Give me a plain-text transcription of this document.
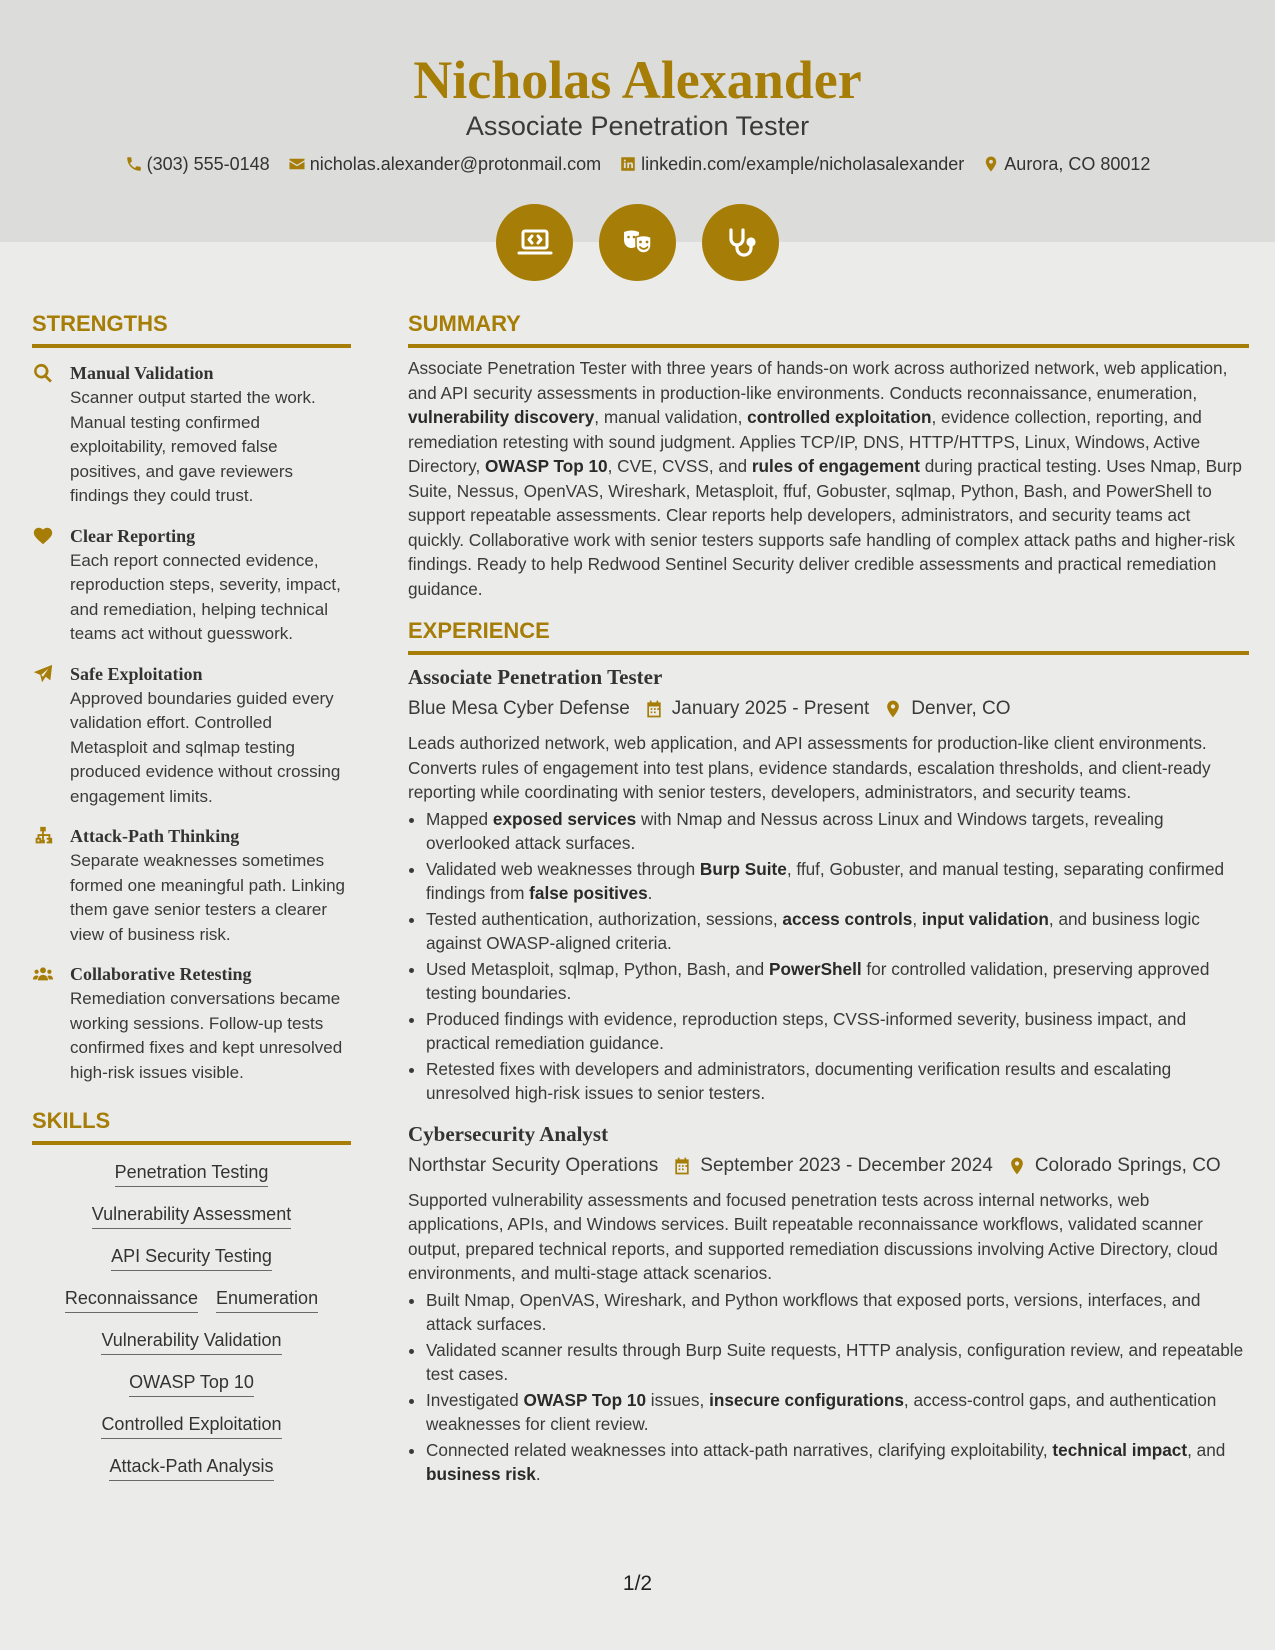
Nicholas Alexander
Associate Penetration Tester
(303) 555-0148 nicholas.alexander@protonmail.com linkedin.com/example/nicholasalexander Aurora, CO 80012
STRENGTHS
Manual Validation
Scanner output started the work. Manual testing confirmed exploitability, removed false positives, and gave reviewers findings they could trust.
Clear Reporting
Each report connected evidence, reproduction steps, severity, impact, and remediation, helping technical teams act without guesswork.
Safe Exploitation
Approved boundaries guided every validation effort. Controlled Metasploit and sqlmap testing produced evidence without crossing engagement limits.
Attack-Path Thinking
Separate weaknesses sometimes formed one meaningful path. Linking them gave senior testers a clearer view of business risk.
Collaborative Retesting
Remediation conversations became working sessions. Follow-up tests confirmed fixes and kept unresolved high-risk issues visible.
SKILLS
Penetration Testing
Vulnerability Assessment
API Security Testing
Reconnaissance Enumeration
Vulnerability Validation
OWASP Top 10
Controlled Exploitation
Attack-Path Analysis
SUMMARY
Associate Penetration Tester with three years of hands-on work across authorized network, web application, and API security assessments in production-like environments. Conducts reconnaissance, enumeration, vulnerability discovery, manual validation, controlled exploitation, evidence collection, reporting, and remediation retesting with sound judgment. Applies TCP/IP, DNS, HTTP/HTTPS, Linux, Windows, Active Directory, OWASP Top 10, CVE, CVSS, and rules of engagement during practical testing. Uses Nmap, Burp Suite, Nessus, OpenVAS, Wireshark, Metasploit, ffuf, Gobuster, sqlmap, Python, Bash, and PowerShell to support repeatable assessments. Clear reports help developers, administrators, and security teams act quickly. Collaborative work with senior testers supports safe handling of complex attack paths and higher-risk findings. Ready to help Redwood Sentinel Security deliver credible assessments and practical remediation guidance.
EXPERIENCE
Associate Penetration Tester
Blue Mesa Cyber Defense January 2025 - Present Denver, CO
Leads authorized network, web application, and API assessments for production-like client environments. Converts rules of engagement into test plans, evidence standards, escalation thresholds, and client-ready reporting while coordinating with senior testers, developers, administrators, and security teams.
• Mapped exposed services with Nmap and Nessus across Linux and Windows targets, revealing overlooked attack surfaces.
• Validated web weaknesses through Burp Suite, ffuf, Gobuster, and manual testing, separating confirmed findings from false positives.
• Tested authentication, authorization, sessions, access controls, input validation, and business logic against OWASP-aligned criteria.
• Used Metasploit, sqlmap, Python, Bash, and PowerShell for controlled validation, preserving approved testing boundaries.
• Produced findings with evidence, reproduction steps, CVSS-informed severity, business impact, and practical remediation guidance.
• Retested fixes with developers and administrators, documenting verification results and escalating unresolved high-risk issues to senior testers.
Cybersecurity Analyst
Northstar Security Operations September 2023 - December 2024 Colorado Springs, CO
Supported vulnerability assessments and focused penetration tests across internal networks, web applications, APIs, and Windows services. Built repeatable reconnaissance workflows, validated scanner output, prepared technical reports, and supported remediation discussions involving Active Directory, cloud environments, and multi-stage attack scenarios.
• Built Nmap, OpenVAS, Wireshark, and Python workflows that exposed ports, versions, interfaces, and attack surfaces.
• Validated scanner results through Burp Suite requests, HTTP analysis, configuration review, and repeatable test cases.
• Investigated OWASP Top 10 issues, insecure configurations, access-control gaps, and authentication weaknesses for client review.
• Connected related weaknesses into attack-path narratives, clarifying exploitability, technical impact, and business risk.
1/2
